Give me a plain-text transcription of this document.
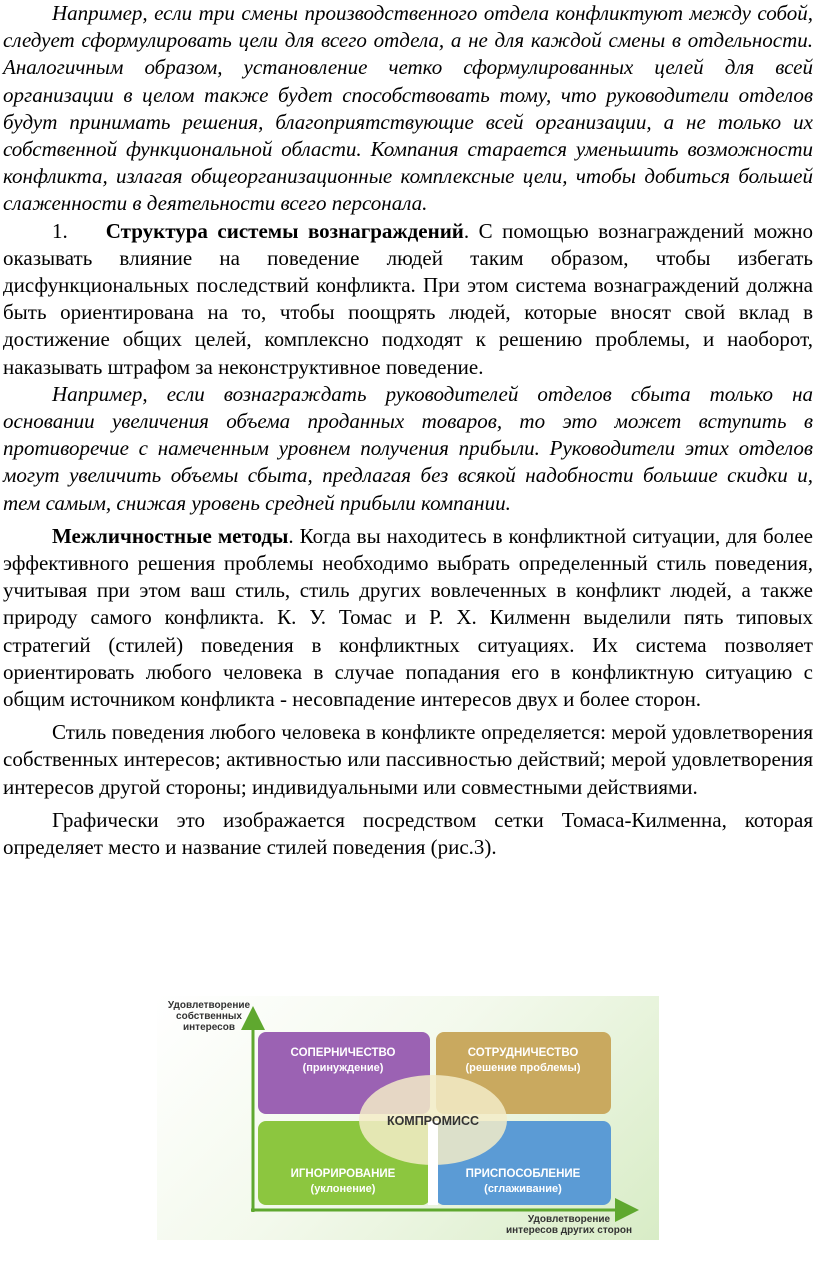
Например, если три смены производственного отдела конфликтуют между собой, следует сформулировать цели для всего отдела, а не для каждой смены в отдельности. Аналогичным образом, установление четко сформулированных целей для всей организации в целом также будет способствовать тому, что руководители отделов будут принимать решения, благоприятствующие всей организации, а не только их собственной функциональной области. Компания старается уменьшить возможности конфликта, излагая общеорганизационные комплексные цели, чтобы добиться большей слаженности в деятельности всего персонала.

1. Структура системы вознаграждений. С помощью вознаграждений можно оказывать влияние на поведение людей таким образом, чтобы избегать дисфункциональных последствий конфликта. При этом система вознаграждений должна быть ориентирована на то, чтобы поощрять людей, которые вносят свой вклад в достижение общих целей, комплексно подходят к решению проблемы, и наоборот, наказывать штрафом за неконструктивное поведение.

Например, если вознаграждать руководителей отделов сбыта только на основании увеличения объема проданных товаров, то это может вступить в противоречие с намеченным уровнем получения прибыли. Руководители этих отделов могут увеличить объемы сбыта, предлагая без всякой надобности большие скидки и, тем самым, снижая уровень средней прибыли компании.

Межличностные методы. Когда вы находитесь в конфликтной ситуации, для более эффективного решения проблемы необходимо выбрать определенный стиль поведения, учитывая при этом ваш стиль, стиль других вовлеченных в конфликт людей, а также природу самого конфликта. К. У. Томас и Р. Х. Килменн выделили пять типовых стратегий (стилей) поведения в конфликтных ситуациях. Их система позволяет ориентировать любого человека в случае попадания его в конфликтную ситуацию с общим источником конфликта - несовпадение интересов двух и более сторон.

Стиль поведения любого человека в конфликте определяется: мерой удовлетворения собственных интересов; активностью или пассивностью действий; мерой удовлетворения интересов другой стороны; индивидуальными или совместными действиями.

Графически это изображается посредством сетки Томаса-Килменна, которая определяет место и название стилей поведения (рис.3).

Удовлетворение
собственных
интересов
СОПЕРНИЧЕСТВО
(принуждение)
СОТРУДНИЧЕСТВО
(решение проблемы)
ИГНОРИРОВАНИЕ
(уклонение)
ПРИСПОСОБЛЕНИЕ
(сглаживание)
КОМПРОМИСС
Удовлетворение
интересов других сторон
